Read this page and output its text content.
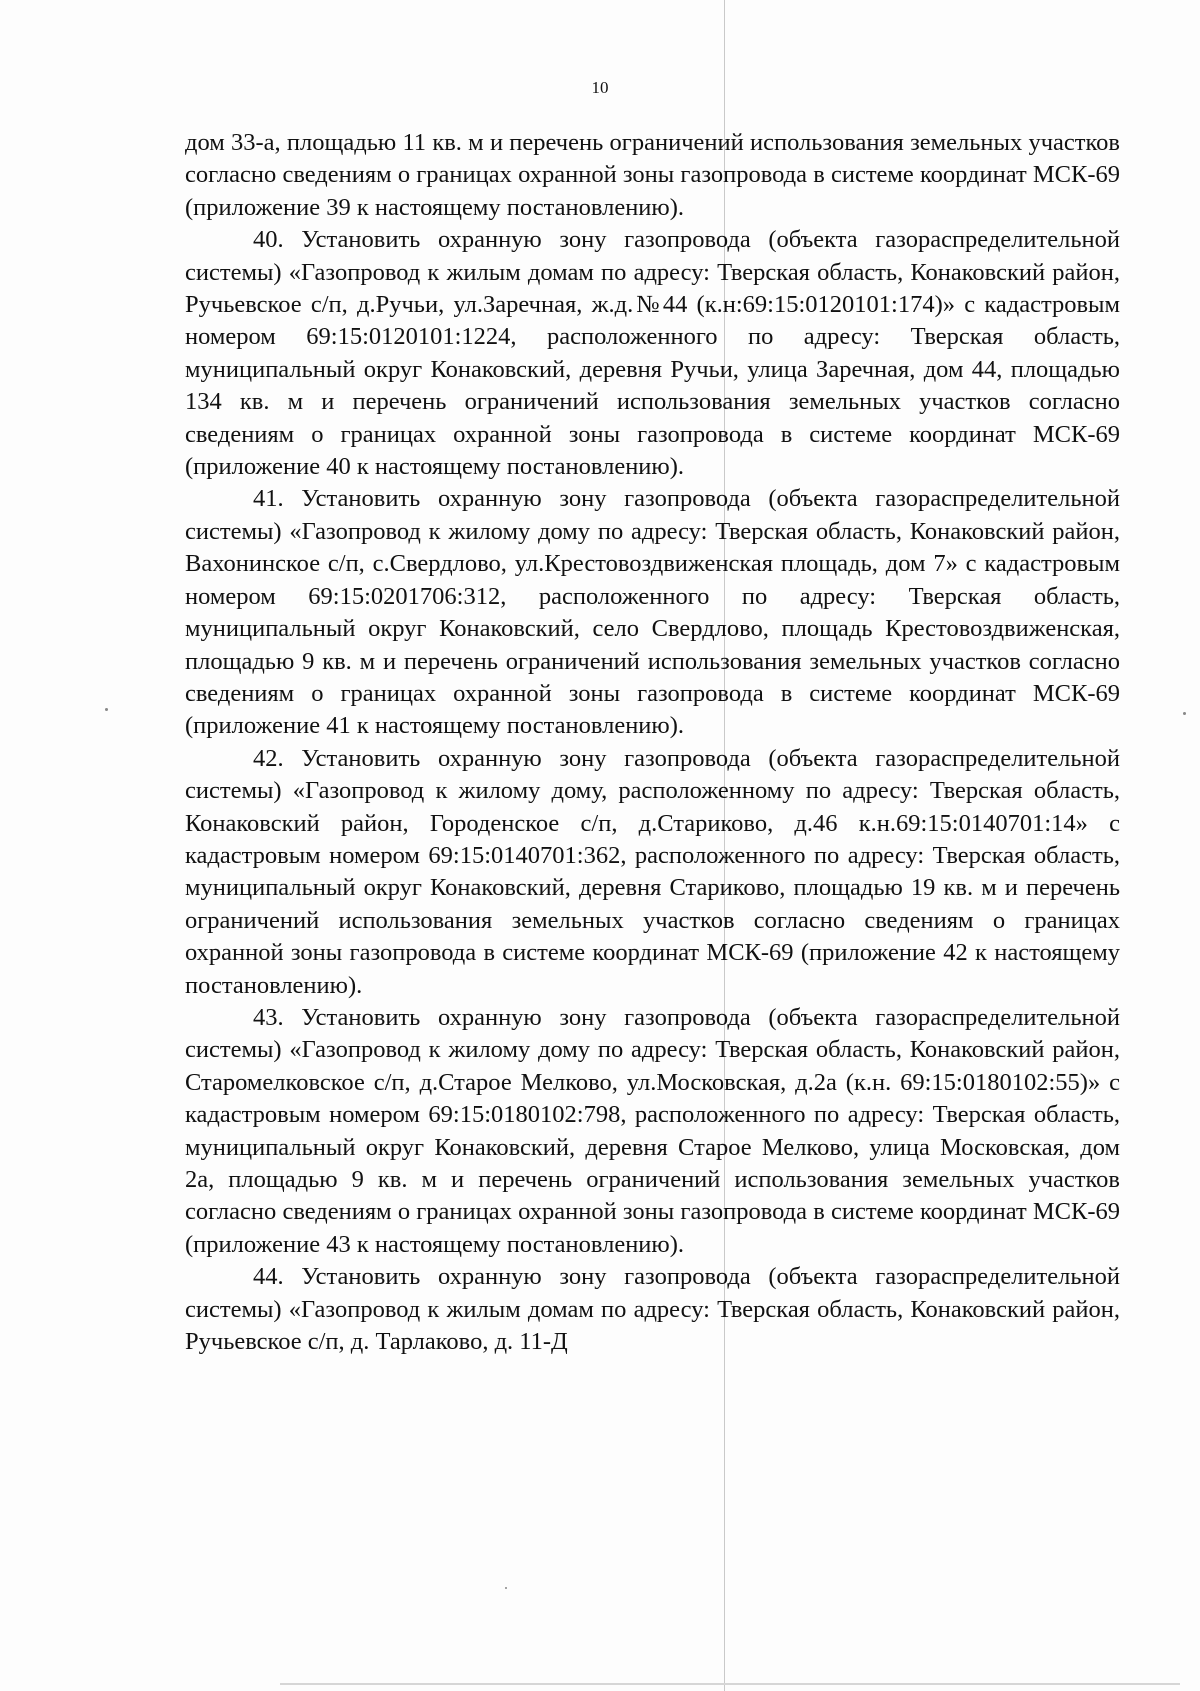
10

дом 33-а, площадью 11 кв. м и перечень ограничений использования земельных участков согласно сведениям о границах охранной зоны газопровода в системе координат МСК-69 (приложение 39 к настоящему постановлению).

40. Установить охранную зону газопровода (объекта газораспределительной системы) «Газопровод к жилым домам по адресу: Тверская область, Конаковский район, Ручьевское с/п, д.Ручьи, ул.Заречная, ж.д.№44 (к.н:69:15:0120101:174)» с кадастровым номером 69:15:0120101:1224, расположенного по адресу: Тверская область, муниципальный округ Конаковский, деревня Ручьи, улица Заречная, дом 44, площадью 134 кв. м и перечень ограничений использования земельных участков согласно сведениям о границах охранной зоны газопровода в системе координат МСК-69 (приложение 40 к настоящему постановлению).

41. Установить охранную зону газопровода (объекта газораспределительной системы) «Газопровод к жилому дому по адресу: Тверская область, Конаковский район, Вахонинское с/п, с.Свердлово, ул.Крестовоздвиженская площадь, дом 7» с кадастровым номером 69:15:0201706:312, расположенного по адресу: Тверская область, муниципальный округ Конаковский, село Свердлово, площадь Крестовоздвиженская, площадью 9 кв. м и перечень ограничений использования земельных участков согласно сведениям о границах охранной зоны газопровода в системе координат МСК-69 (приложение 41 к настоящему постановлению).

42. Установить охранную зону газопровода (объекта газораспределительной системы) «Газопровод к жилому дому, расположенному по адресу: Тверская область, Конаковский район, Городенское с/п, д.Стариково, д.46 к.н.69:15:0140701:14» с кадастровым номером 69:15:0140701:362, расположенного по адресу: Тверская область, муниципальный округ Конаковский, деревня Стариково, площадью 19 кв. м и перечень ограничений использования земельных участков согласно сведениям о границах охранной зоны газопровода в системе координат МСК-69 (приложение 42 к настоящему постановлению).

43. Установить охранную зону газопровода (объекта газораспределительной системы) «Газопровод к жилому дому по адресу: Тверская область, Конаковский район, Старомелковское с/п, д.Старое Мелково, ул.Московская, д.2а (к.н. 69:15:0180102:55)» с кадастровым номером 69:15:0180102:798, расположенного по адресу: Тверская область, муниципальный округ Конаковский, деревня Старое Мелково, улица Московская, дом 2а, площадью 9 кв. м и перечень ограничений использования земельных участков согласно сведениям о границах охранной зоны газопровода в системе координат МСК-69 (приложение 43 к настоящему постановлению).

44. Установить охранную зону газопровода (объекта газораспределительной системы) «Газопровод к жилым домам по адресу: Тверская область, Конаковский район, Ручьевское с/п, д. Тарлаково, д. 11-Д
